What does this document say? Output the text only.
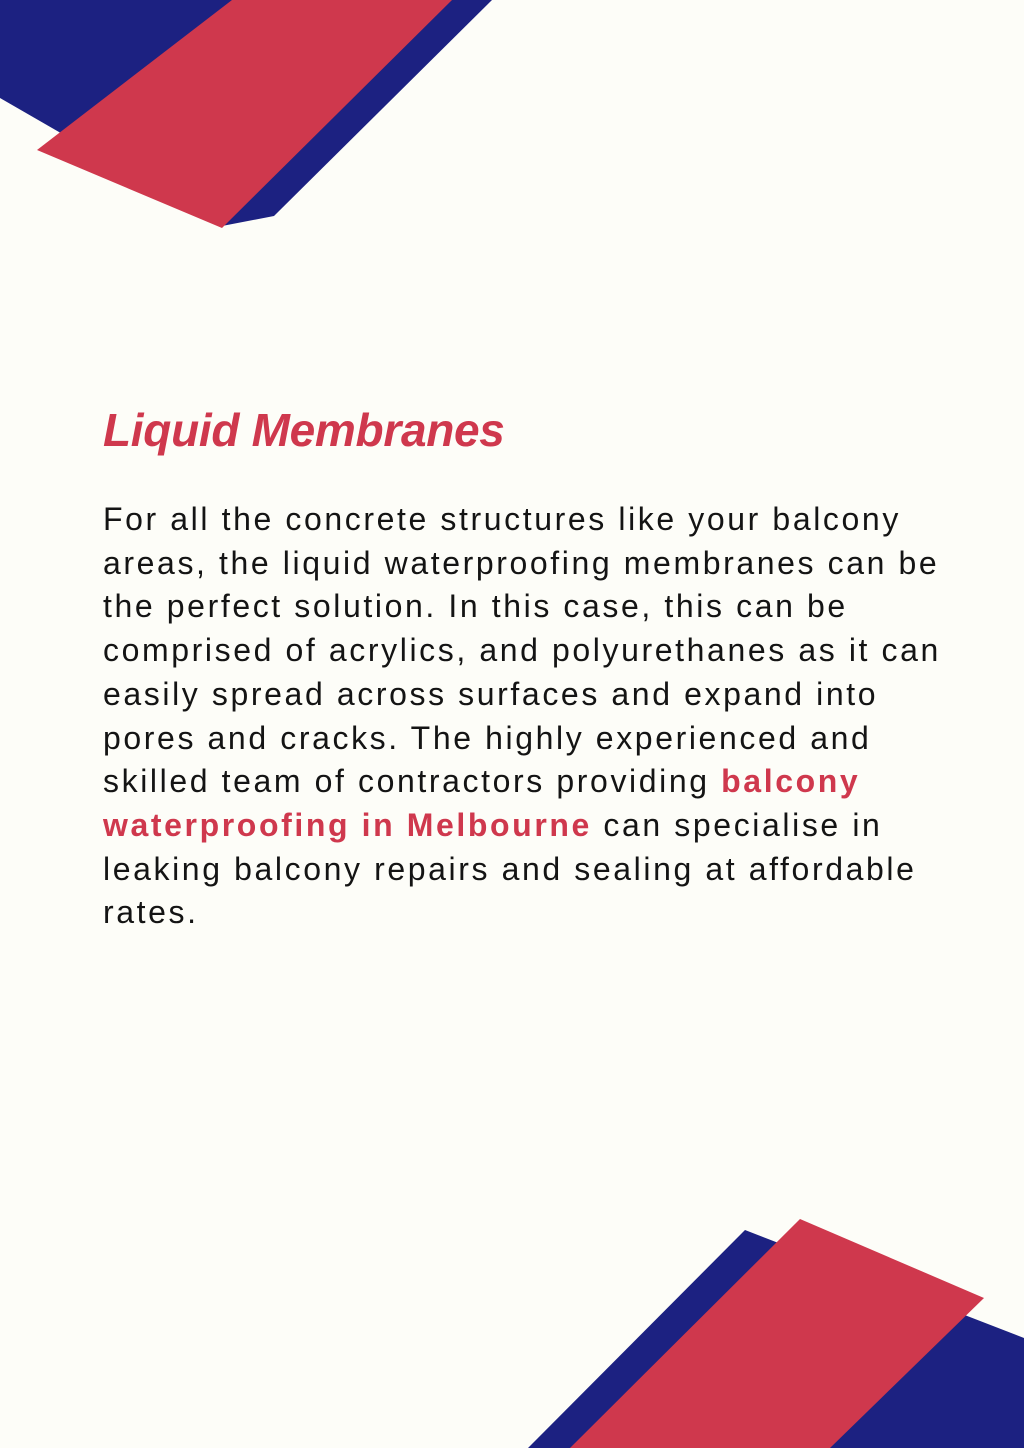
Liquid Membranes

For all the concrete structures like your balcony areas, the liquid waterproofing membranes can be the perfect solution. In this case, this can be comprised of acrylics, and polyurethanes as it can easily spread across surfaces and expand into pores and cracks. The highly experienced and skilled team of contractors providing balcony waterproofing in Melbourne can specialise in leaking balcony repairs and sealing at affordable rates.
